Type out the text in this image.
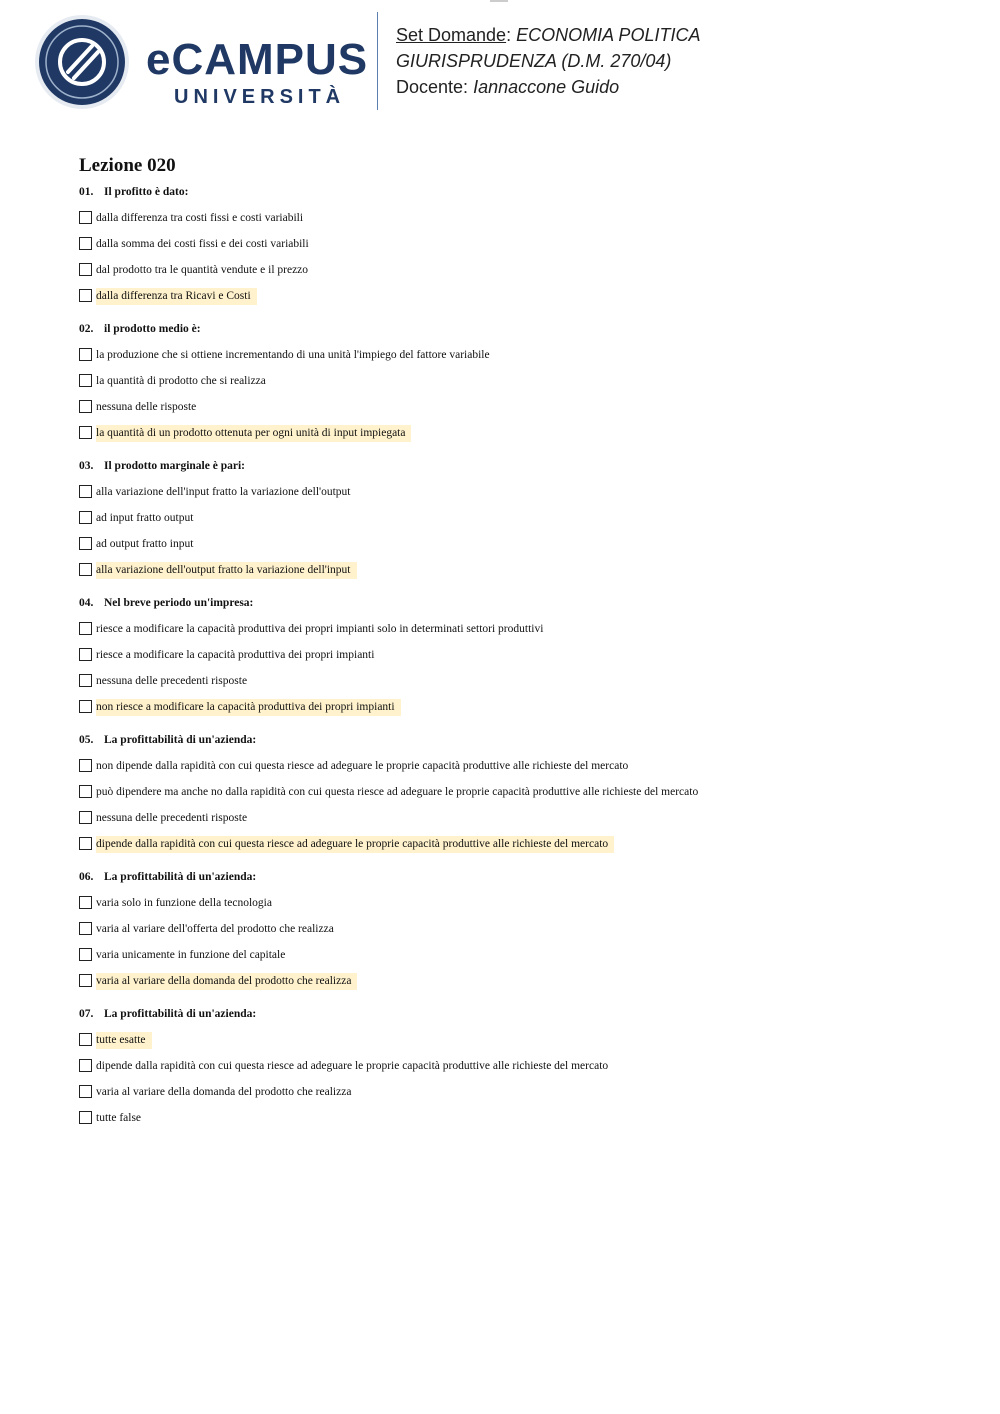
eCAMPUS
UNIVERSITÀ
Set Domande: ECONOMIA POLITICA
GIURISPRUDENZA (D.M. 270/04)
Docente: Iannaccone Guido
Lezione 020
01. Il profitto è dato:
dalla differenza tra costi fissi e costi variabili
dalla somma dei costi fissi e dei costi variabili
dal prodotto tra le quantità vendute e il prezzo
dalla differenza tra Ricavi e Costi
02. il prodotto medio è:
la produzione che si ottiene incrementando di una unità l'impiego del fattore variabile
la quantità di prodotto che si realizza
nessuna delle risposte
la quantità di un prodotto ottenuta per ogni unità di input impiegata
03. Il prodotto marginale è pari:
alla variazione dell'input fratto la variazione dell'output
ad input fratto output
ad output fratto input
alla variazione dell'output fratto la variazione dell'input
04. Nel breve periodo un'impresa:
riesce a modificare la capacità produttiva dei propri impianti solo in determinati settori produttivi
riesce a modificare la capacità produttiva dei propri impianti
nessuna delle precedenti risposte
non riesce a modificare la capacità produttiva dei propri impianti
05. La profittabilità di un'azienda:
non dipende dalla rapidità con cui questa riesce ad adeguare le proprie capacità produttive alle richieste del mercato
può dipendere ma anche no dalla rapidità con cui questa riesce ad adeguare le proprie capacità produttive alle richieste del mercato
nessuna delle precedenti risposte
dipende dalla rapidità con cui questa riesce ad adeguare le proprie capacità produttive alle richieste del mercato
06. La profittabilità di un'azienda:
varia solo in funzione della tecnologia
varia al variare dell'offerta del prodotto che realizza
varia unicamente in funzione del capitale
varia al variare della domanda del prodotto che realizza
07. La profittabilità di un'azienda:
tutte esatte
dipende dalla rapidità con cui questa riesce ad adeguare le proprie capacità produttive alle richieste del mercato
varia al variare della domanda del prodotto che realizza
tutte false
